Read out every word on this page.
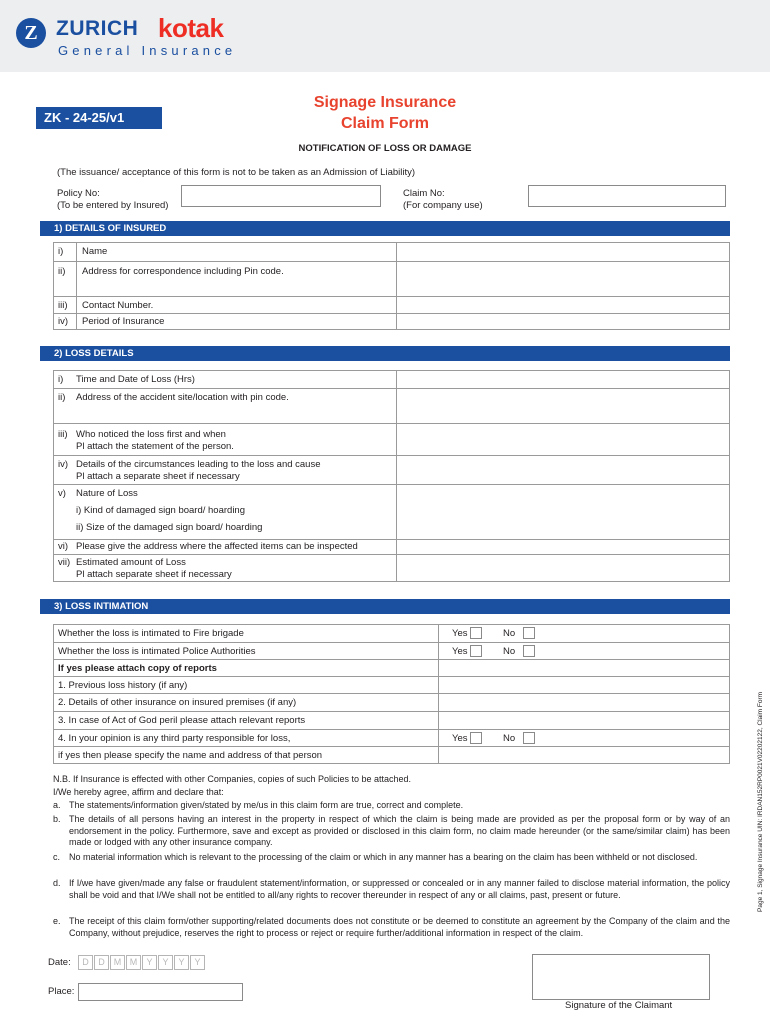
Z ZURICH kotak
General Insurance
ZK - 24-25/v1
Signage Insurance
Claim Form
NOTIFICATION OF LOSS OR DAMAGE
(The issuance/ acceptance of this form is not to be taken as an Admission of Liability)
Policy No:
(To be entered by Insured)
Claim No:
(For company use)
1) DETAILS OF INSURED
i) Name
ii) Address for correspondence including Pin code.
iii) Contact Number.
iv) Period of Insurance
2) LOSS DETAILS
i) Time and Date of Loss (Hrs)
ii) Address of the accident site/location with pin code.
iii) Who noticed the loss first and when
Pl attach the statement of the person.
iv) Details of the circumstances leading to the loss and cause
Pl attach a separate sheet if necessary
v) Nature of Loss
i) Kind of damaged sign board/ hoarding
ii) Size of the damaged sign board/ hoarding
vi) Please give the address where the affected items can be inspected
vii) Estimated amount of Loss
Pl attach separate sheet if necessary
3) LOSS INTIMATION
Whether the loss is intimated to Fire brigade	Yes	No
Whether the loss is intimated Police Authorities	Yes	No
If yes please attach copy of reports
1. Previous loss history (if any)
2. Details of other insurance on insured premises (if any)
3. In case of Act of God peril please attach relevant reports
4. In your opinion is any third party responsible for loss,	Yes	No
if yes then please specify the name and address of that person
N.B. If Insurance is effected with other Companies, copies of such Policies to be attached.
I/We hereby agree, affirm and declare that:
a. The statements/information given/stated by me/us in this claim form are true, correct and complete.
b. The details of all persons having an interest in the property in respect of which the claim is being made are provided as per the proposal form or by way of an endorsement in the policy. Furthermore, save and except as provided or disclosed in this claim form, no claim made hereunder (or the same/similar claim) has been made or lodged with any other insurance company.
c. No material information which is relevant to the processing of the claim or which in any manner has a bearing on the claim has been withheld or not disclosed.
d. If I/we have given/made any false or fraudulent statement/information, or suppressed or concealed or in any manner failed to disclose material information, the policy shall be void and that I/We shall not be entitled to all/any rights to recover thereunder in respect of any or all claims, past, present or future.
e. The receipt of this claim form/other supporting/related documents does not constitute or be deemed to constitute an agreement by the Company of the claim and the Company, without prejudice, reserves the right to process or reject or require further/additional information in respect of the claim.
Date:	D	D	M M	Y	Y	Y	Y
Place:
Signature of the Claimant
Page 1, Signage Insurance UIN: IRDAN152RP0021V02202122, Claim Form
